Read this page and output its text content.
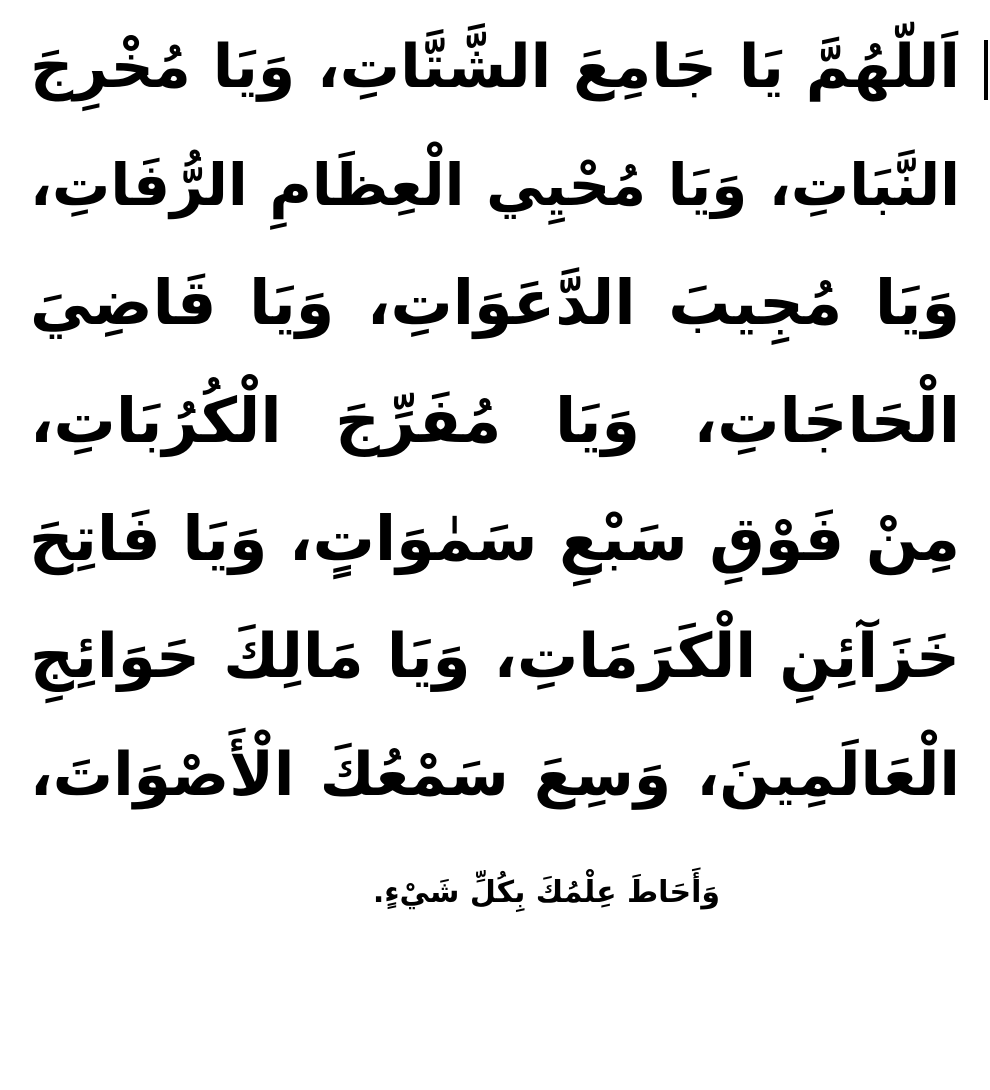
اَللّهُمَّ يَا جَامِعَ الشَّتَّاتِ، وَيَا مُخْرِجَ
النَّبَاتِ، وَيَا مُحْيِي الْعِظَامِ الرُّفَاتِ،
وَيَا مُجِيبَ الدَّعَوَاتِ، وَيَا قَاضِيَ
الْحَاجَاتِ، وَيَا مُفَرِّجَ الْكُرُبَاتِ،
مِنْ فَوْقِ سَبْعِ سَمٰوَاتٍ، وَيَا فَاتِحَ
خَزَآئِنِ الْكَرَمَاتِ، وَيَا مَالِكَ حَوَائِجِ
الْعَالَمِينَ، وَسِعَ سَمْعُكَ الْأَصْوَاتَ،
وَأَحَاطَ عِلْمُكَ بِكُلِّ شَيْءٍ.
